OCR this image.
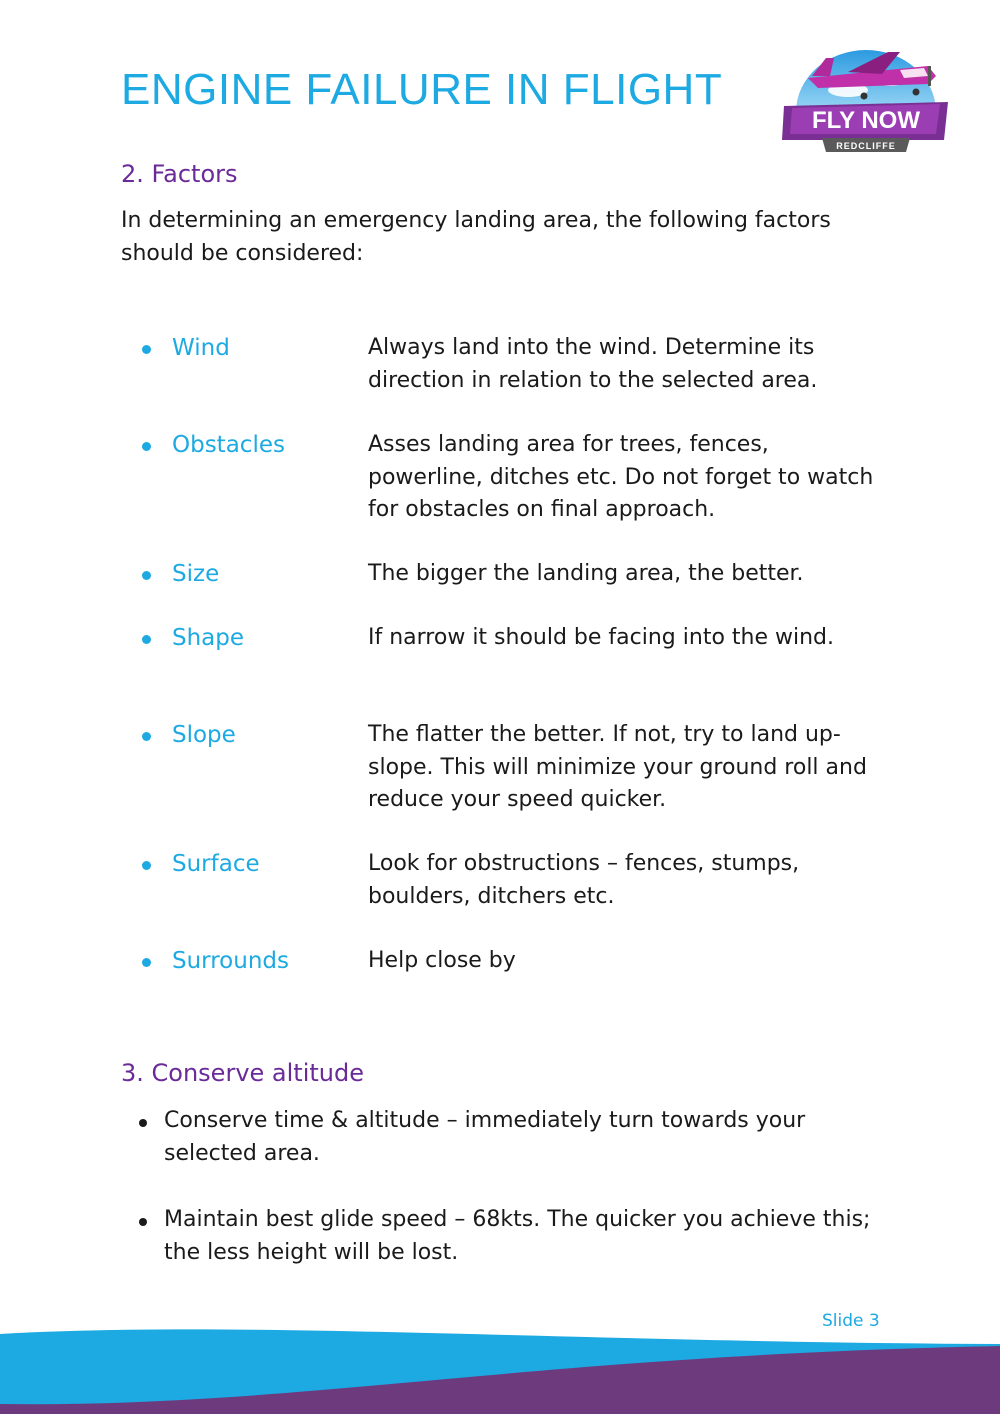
ENGINE FAILURE IN FLIGHT
FLY NOW
REDCLIFFE
2. Factors

In determining an emergency landing area, the following factors should be considered:

Wind	Always land into the wind. Determine its direction in relation to the selected area.
Obstacles	Asses landing area for trees, fences, powerline, ditches etc. Do not forget to watch for obstacles on final approach.
Size	The bigger the landing area, the better.
Shape	If narrow it should be facing into the wind.
Slope	The flatter the better. If not, try to land up-slope. This will minimize your ground roll and reduce your speed quicker.
Surface	Look for obstructions – fences, stumps, boulders, ditchers etc.
Surrounds	Help close by
3. Conserve altitude
Conserve time & altitude – immediately turn towards your selected area.
Maintain best glide speed – 68kts. The quicker you achieve this; the less height will be lost.
Slide 3
